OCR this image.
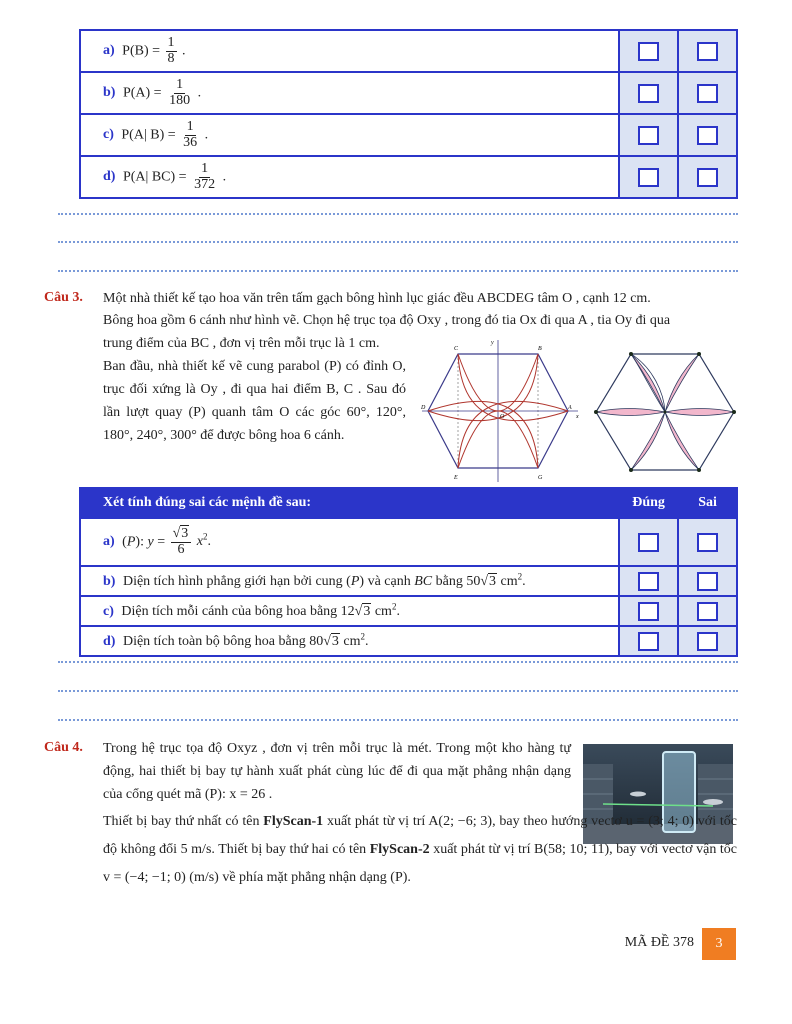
a) $P(B) = \frac{1}{8}$ .		
b) $P(A) = \frac{1}{180}$ .		
c) P(A| $B) = \frac{1}{36}$ .		
d) P(A| $BC) = \frac{1}{372}$ .		
Câu 3. Một nhà thiết kế tạo hoa văn trên tấm gạch bông hình lục giác đều ABCDEG tâm O , cạnh 12 cm.
Bông hoa gồm 6 cánh như hình vẽ. Chọn hệ trục tọa độ Oxy , trong đó tia Ox đi qua A , tia Oy đi qua
trung điểm của BC , đơn vị trên mỗi trục là 1 cm.
Ban đầu, nhà thiết kế vẽ cung parabol (P) có đỉnh O, trục đối xứng là Oy , đi qua hai điểm B, C . Sau đó lần lượt quay (P) quanh tâm O các góc 60°, 120°, 180°, 240°, 300° để được bông hoa 6 cánh.
C	B
D	A
E	G
O	x
y
Xét tính đúng sai các mệnh đề sau:	Đúng	Sai
a) (P): $y = \frac{√3}{6} x^2$.		
b) Diện tích hình phẳng giới hạn bởi cung (P) và cạnh BC bằng 50√3 $cm^2$.		
c) Diện tích mỗi cánh của bông hoa bằng 12√3 $cm^2$.		
d) Diện tích toàn bộ bông hoa bằng 80√3 $cm^2$.		
Câu 4. Trong hệ trục tọa độ Oxyz , đơn vị trên mỗi trục là mét. Trong một kho hàng tự động, hai thiết bị bay tự hành xuất phát cùng lúc để đi qua mặt phẳng nhận dạng của cổng quét mã (P): x = 26 .
Thiết bị bay thứ nhất có tên FlyScan-1 xuất phát từ vị trí A(2; −6; 3), bay theo hướng vectơ u = (3; 4; 0) với tốc độ không đổi 5 m/s. Thiết bị bay thứ hai có tên FlyScan-2 xuất phát từ vị trí B(58; 10; 11), bay với vectơ vận tốc v = (−4; −1; 0) (m/s) về phía mặt phẳng nhận dạng (P).
MÃ ĐỀ 378	3
